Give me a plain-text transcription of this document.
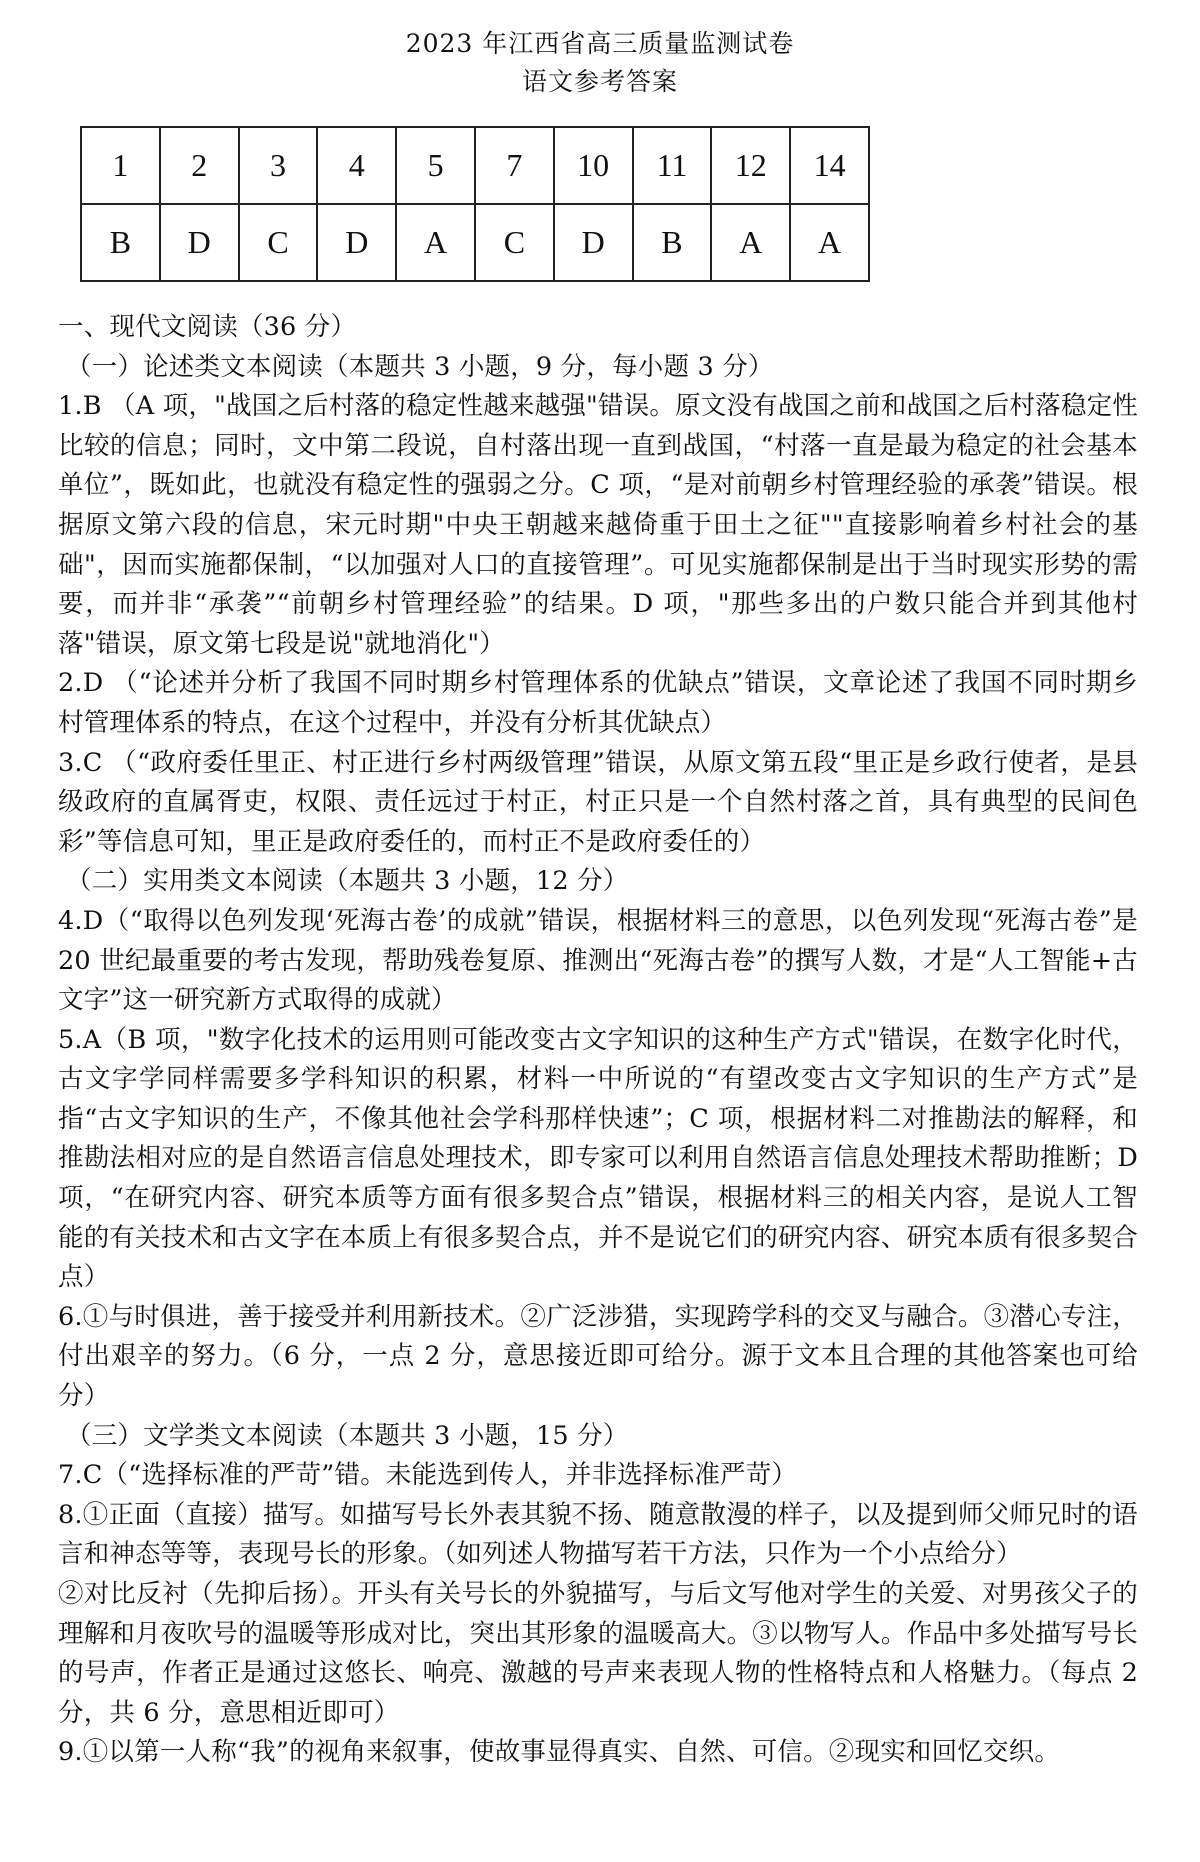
2023 年江西省高三质量监测试卷
语文参考答案
1	2	3	4	5	7	10	11	12	14
B	D	C	D	A	C	D	B	A	A

一、现代文阅读（36 分）

（一）论述类文本阅读（本题共 3 小题，9 分，每小题 3 分）

1.B （A 项，"战国之后村落的稳定性越来越强"错误。原文没有战国之前和战国之后村落稳定性比较的信息；同时，文中第二段说，自村落出现一直到战国，“村落一直是最为稳定的社会基本单位”，既如此，也就没有稳定性的强弱之分。C 项，“是对前朝乡村管理经验的承袭”错误。根据原文第六段的信息，宋元时期"中央王朝越来越倚重于田土之征""直接影响着乡村社会的基础"，因而实施都保制，“以加强对人口的直接管理”。可见实施都保制是出于当时现实形势的需要，而并非“承袭”“前朝乡村管理经验”的结果。D 项，"那些多出的户数只能合并到其他村落"错误，原文第七段是说"就地消化"）

2.D （“论述并分析了我国不同时期乡村管理体系的优缺点”错误，文章论述了我国不同时期乡村管理体系的特点，在这个过程中，并没有分析其优缺点）

3.C （“政府委任里正、村正进行乡村两级管理”错误，从原文第五段“里正是乡政行使者，是县级政府的直属胥吏，权限、责任远过于村正，村正只是一个自然村落之首，具有典型的民间色彩”等信息可知，里正是政府委任的，而村正不是政府委任的）

（二）实用类文本阅读（本题共 3 小题，12 分）

4.D（“取得以色列发现‘死海古卷’的成就”错误，根据材料三的意思，以色列发现“死海古卷”是 20 世纪最重要的考古发现，帮助残卷复原、推测出“死海古卷”的撰写人数，才是“人工智能+古文字”这一研究新方式取得的成就）

5.A（B 项，"数字化技术的运用则可能改变古文字知识的这种生产方式"错误，在数字化时代，古文字学同样需要多学科知识的积累，材料一中所说的“有望改变古文字知识的生产方式”是指“古文字知识的生产，不像其他社会学科那样快速”；C 项，根据材料二对推勘法的解释，和推勘法相对应的是自然语言信息处理技术，即专家可以利用自然语言信息处理技术帮助推断；D 项，“在研究内容、研究本质等方面有很多契合点”错误，根据材料三的相关内容，是说人工智能的有关技术和古文字在本质上有很多契合点，并不是说它们的研究内容、研究本质有很多契合点）

6.①与时俱进，善于接受并利用新技术。②广泛涉猎，实现跨学科的交叉与融合。③潜心专注，付出艰辛的努力。（6 分，一点 2 分，意思接近即可给分。源于文本且合理的其他答案也可给分）

（三）文学类文本阅读（本题共 3 小题，15 分）

7.C（“选择标准的严苛”错。未能选到传人，并非选择标准严苛）

8.①正面（直接）描写。如描写号长外表其貌不扬、随意散漫的样子，以及提到师父师兄时的语言和神态等等，表现号长的形象。（如列述人物描写若干方法，只作为一个小点给分）

②对比反衬（先抑后扬）。开头有关号长的外貌描写，与后文写他对学生的关爱、对男孩父子的理解和月夜吹号的温暖等形成对比，突出其形象的温暖高大。③以物写人。作品中多处描写号长的号声，作者正是通过这悠长、响亮、激越的号声来表现人物的性格特点和人格魅力。（每点 2 分，共 6 分，意思相近即可）

9.①以第一人称“我”的视角来叙事，使故事显得真实、自然、可信。②现实和回忆交织。
